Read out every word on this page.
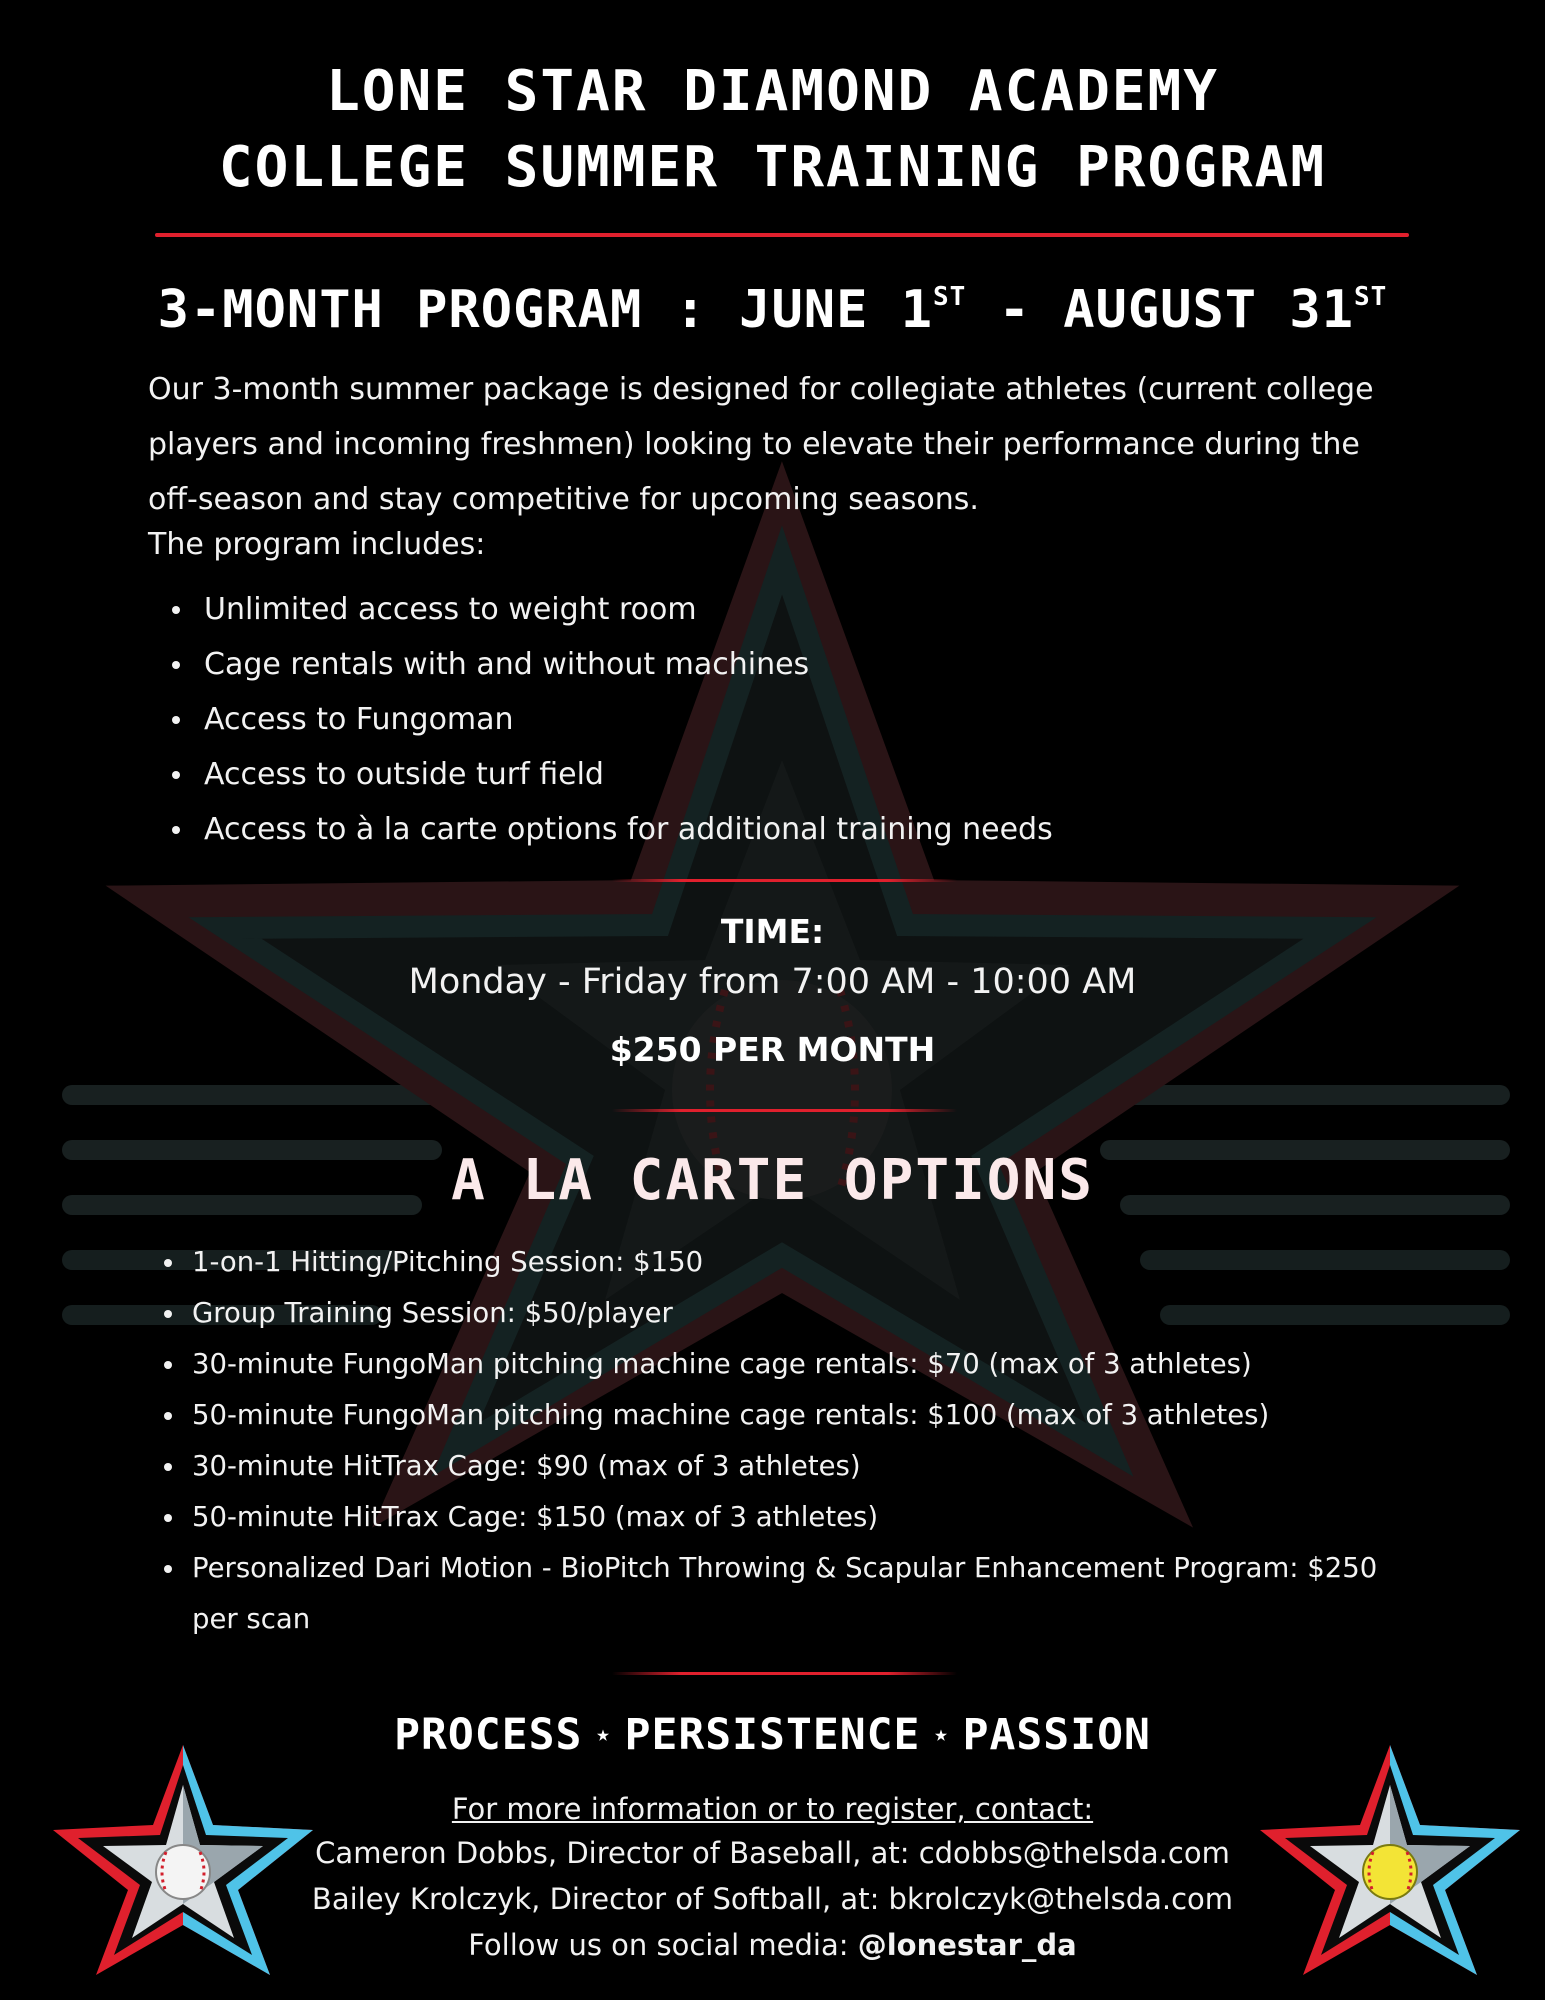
LONE STAR DIAMOND ACADEMY
COLLEGE SUMMER TRAINING PROGRAM
3-MONTH PROGRAM : JUNE 1ST - AUGUST 31ST

Our 3-month summer package is designed for collegiate athletes (current college players and incoming freshmen) looking to elevate their performance during the off-season and stay competitive for upcoming seasons.

The program includes:
Unlimited access to weight room
Cage rentals with and without machines
Access to Fungoman
Access to outside turf field
Access to à la carte options for additional training needs
TIME:
Monday - Friday from 7:00 AM - 10:00 AM
$250 PER MONTH
A LA CARTE OPTIONS
1-on-1 Hitting/Pitching Session: $150
Group Training Session: $50/player
30-minute FungoMan pitching machine cage rentals: $70 (max of 3 athletes)
50-minute FungoMan pitching machine cage rentals: $100 (max of 3 athletes)
30-minute HitTrax Cage: $90 (max of 3 athletes)
50-minute HitTrax Cage: $150 (max of 3 athletes)
Personalized Dari Motion - BioPitch Throwing & Scapular Enhancement Program: $250 per scan
PROCESS ★ PERSISTENCE ★ PASSION
For more information or to register, contact:
Cameron Dobbs, Director of Baseball, at: cdobbs@thelsda.com
Bailey Krolczyk, Director of Softball, at: bkrolczyk@thelsda.com
Follow us on social media: @lonestar_da
